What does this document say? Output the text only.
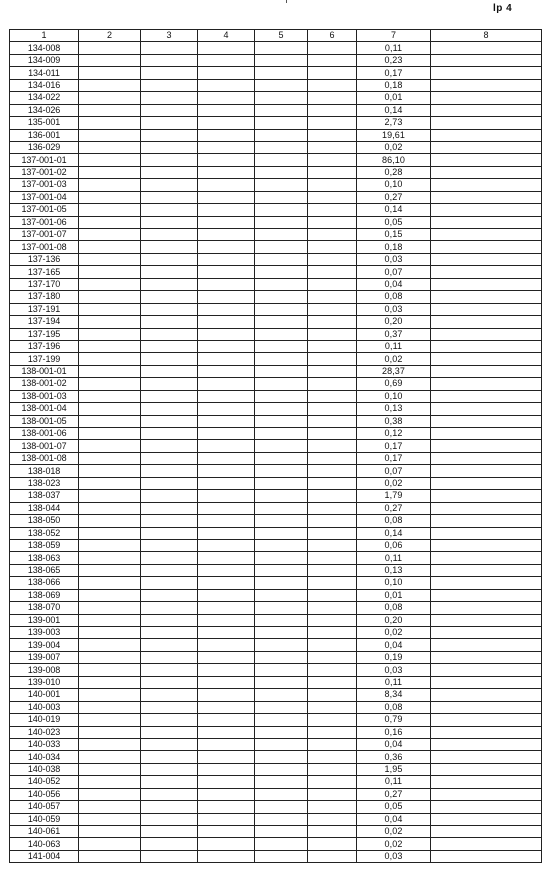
lp 4
1	2	3	4	5	6	7	8
134-008						0,11	
134-009						0,23	
134-011						0,17	
134-016						0,18	
134-022						0,01	
134-026						0,14	
135-001						2,73	
136-001						19,61	
136-029						0,02	
137-001-01						86,10	
137-001-02						0,28	
137-001-03						0,10	
137-001-04						0,27	
137-001-05						0,14	
137-001-06						0,05	
137-001-07						0,15	
137-001-08						0,18	
137-136						0,03	
137-165						0,07	
137-170						0,04	
137-180						0,08	
137-191						0,03	
137-194						0,20	
137-195						0,37	
137-196						0,11	
137-199						0,02	
138-001-01						28,37	
138-001-02						0,69	
138-001-03						0,10	
138-001-04						0,13	
138-001-05						0,38	
138-001-06						0,12	
138-001-07						0,17	
138-001-08						0,17	
138-018						0,07	
138-023						0,02	
138-037						1,79	
138-044						0,27	
138-050						0,08	
138-052						0,14	
138-059						0,06	
138-063						0,11	
138-065						0,13	
138-066						0,10	
138-069						0,01	
138-070						0,08	
139-001						0,20	
139-003						0,02	
139-004						0,04	
139-007						0,19	
139-008						0,03	
139-010						0,11	
140-001						8,34	
140-003						0,08	
140-019						0,79	
140-023						0,16	
140-033						0,04	
140-034						0,36	
140-038						1,95	
140-052						0,11	
140-056						0,27	
140-057						0,05	
140-059						0,04	
140-061						0,02	
140-063						0,02	
141-004						0,03	
